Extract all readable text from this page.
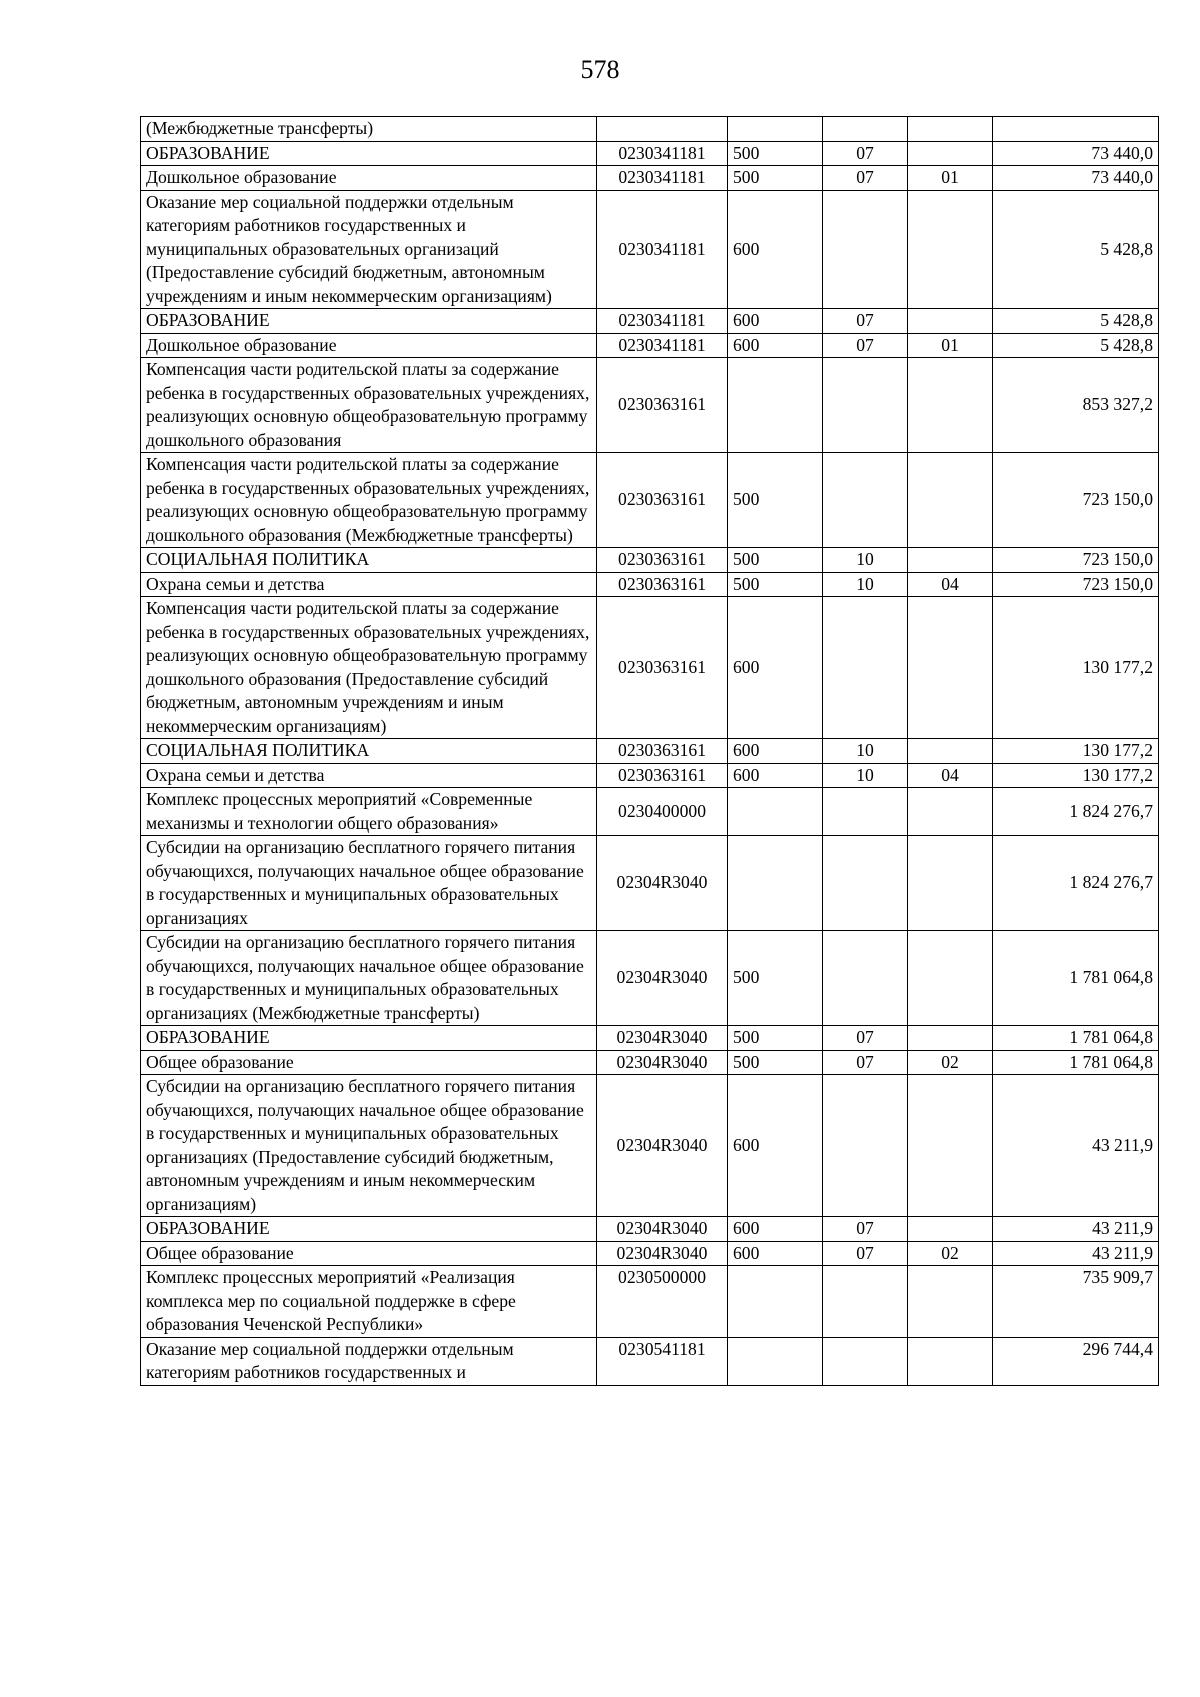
578
(Межбюджетные трансферты)					
ОБРАЗОВАНИЕ	0230341181	500	07		73 440,0
Дошкольное образование	0230341181	500	07	01	73 440,0
Оказание мер социальной поддержки отдельным категориям работников государственных и муниципальных образовательных организаций (Предоставление субсидий бюджетным, автономным учреждениям и иным некоммерческим организациям)	0230341181	600			5 428,8
ОБРАЗОВАНИЕ	0230341181	600	07		5 428,8
Дошкольное образование	0230341181	600	07	01	5 428,8
Компенсация части родительской платы за содержание ребенка в государственных образовательных учреждениях, реализующих основную общеобразовательную программу дошкольного образования	0230363161				853 327,2
Компенсация части родительской платы за содержание ребенка в государственных образовательных учреждениях, реализующих основную общеобразовательную программу дошкольного образования (Межбюджетные трансферты)	0230363161	500			723 150,0
СОЦИАЛЬНАЯ ПОЛИТИКА	0230363161	500	10		723 150,0
Охрана семьи и детства	0230363161	500	10	04	723 150,0
Компенсация части родительской платы за содержание ребенка в государственных образовательных учреждениях, реализующих основную общеобразовательную программу дошкольного образования (Предоставление субсидий бюджетным, автономным учреждениям и иным некоммерческим организациям)	0230363161	600			130 177,2
СОЦИАЛЬНАЯ ПОЛИТИКА	0230363161	600	10		130 177,2
Охрана семьи и детства	0230363161	600	10	04	130 177,2
Комплекс процессных мероприятий «Современные механизмы и технологии общего образования»	0230400000				1 824 276,7
Субсидии на организацию бесплатного горячего питания обучающихся, получающих начальное общее образование в государственных и муниципальных образовательных организациях	02304R3040				1 824 276,7
Субсидии на организацию бесплатного горячего питания обучающихся, получающих начальное общее образование в государственных и муниципальных образовательных организациях (Межбюджетные трансферты)	02304R3040	500			1 781 064,8
ОБРАЗОВАНИЕ	02304R3040	500	07		1 781 064,8
Общее образование	02304R3040	500	07	02	1 781 064,8
Субсидии на организацию бесплатного горячего питания обучающихся, получающих начальное общее образование в государственных и муниципальных образовательных организациях (Предоставление субсидий бюджетным, автономным учреждениям и иным некоммерческим организациям)	02304R3040	600			43 211,9
ОБРАЗОВАНИЕ	02304R3040	600	07		43 211,9
Общее образование	02304R3040	600	07	02	43 211,9
Комплекс процессных мероприятий «Реализация комплекса мер по социальной поддержке в сфере образования Чеченской Республики»	0230500000				735 909,7
Оказание мер социальной поддержки отдельным категориям работников государственных и	0230541181				296 744,4
